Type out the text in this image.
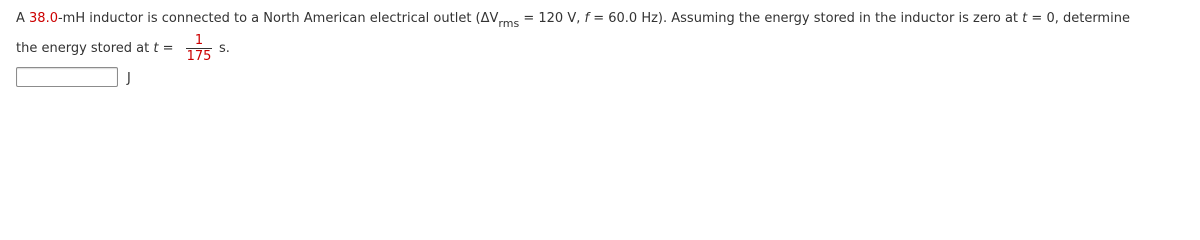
A 38.0-mH inductor is connected to a North American electrical outlet ($\Delta V_{rms} = 120$ V, f = 60.0 Hz). Assuming the energy stored in the inductor is zero at t = 0, determine
the energy stored at t =
1
175
s.
J
